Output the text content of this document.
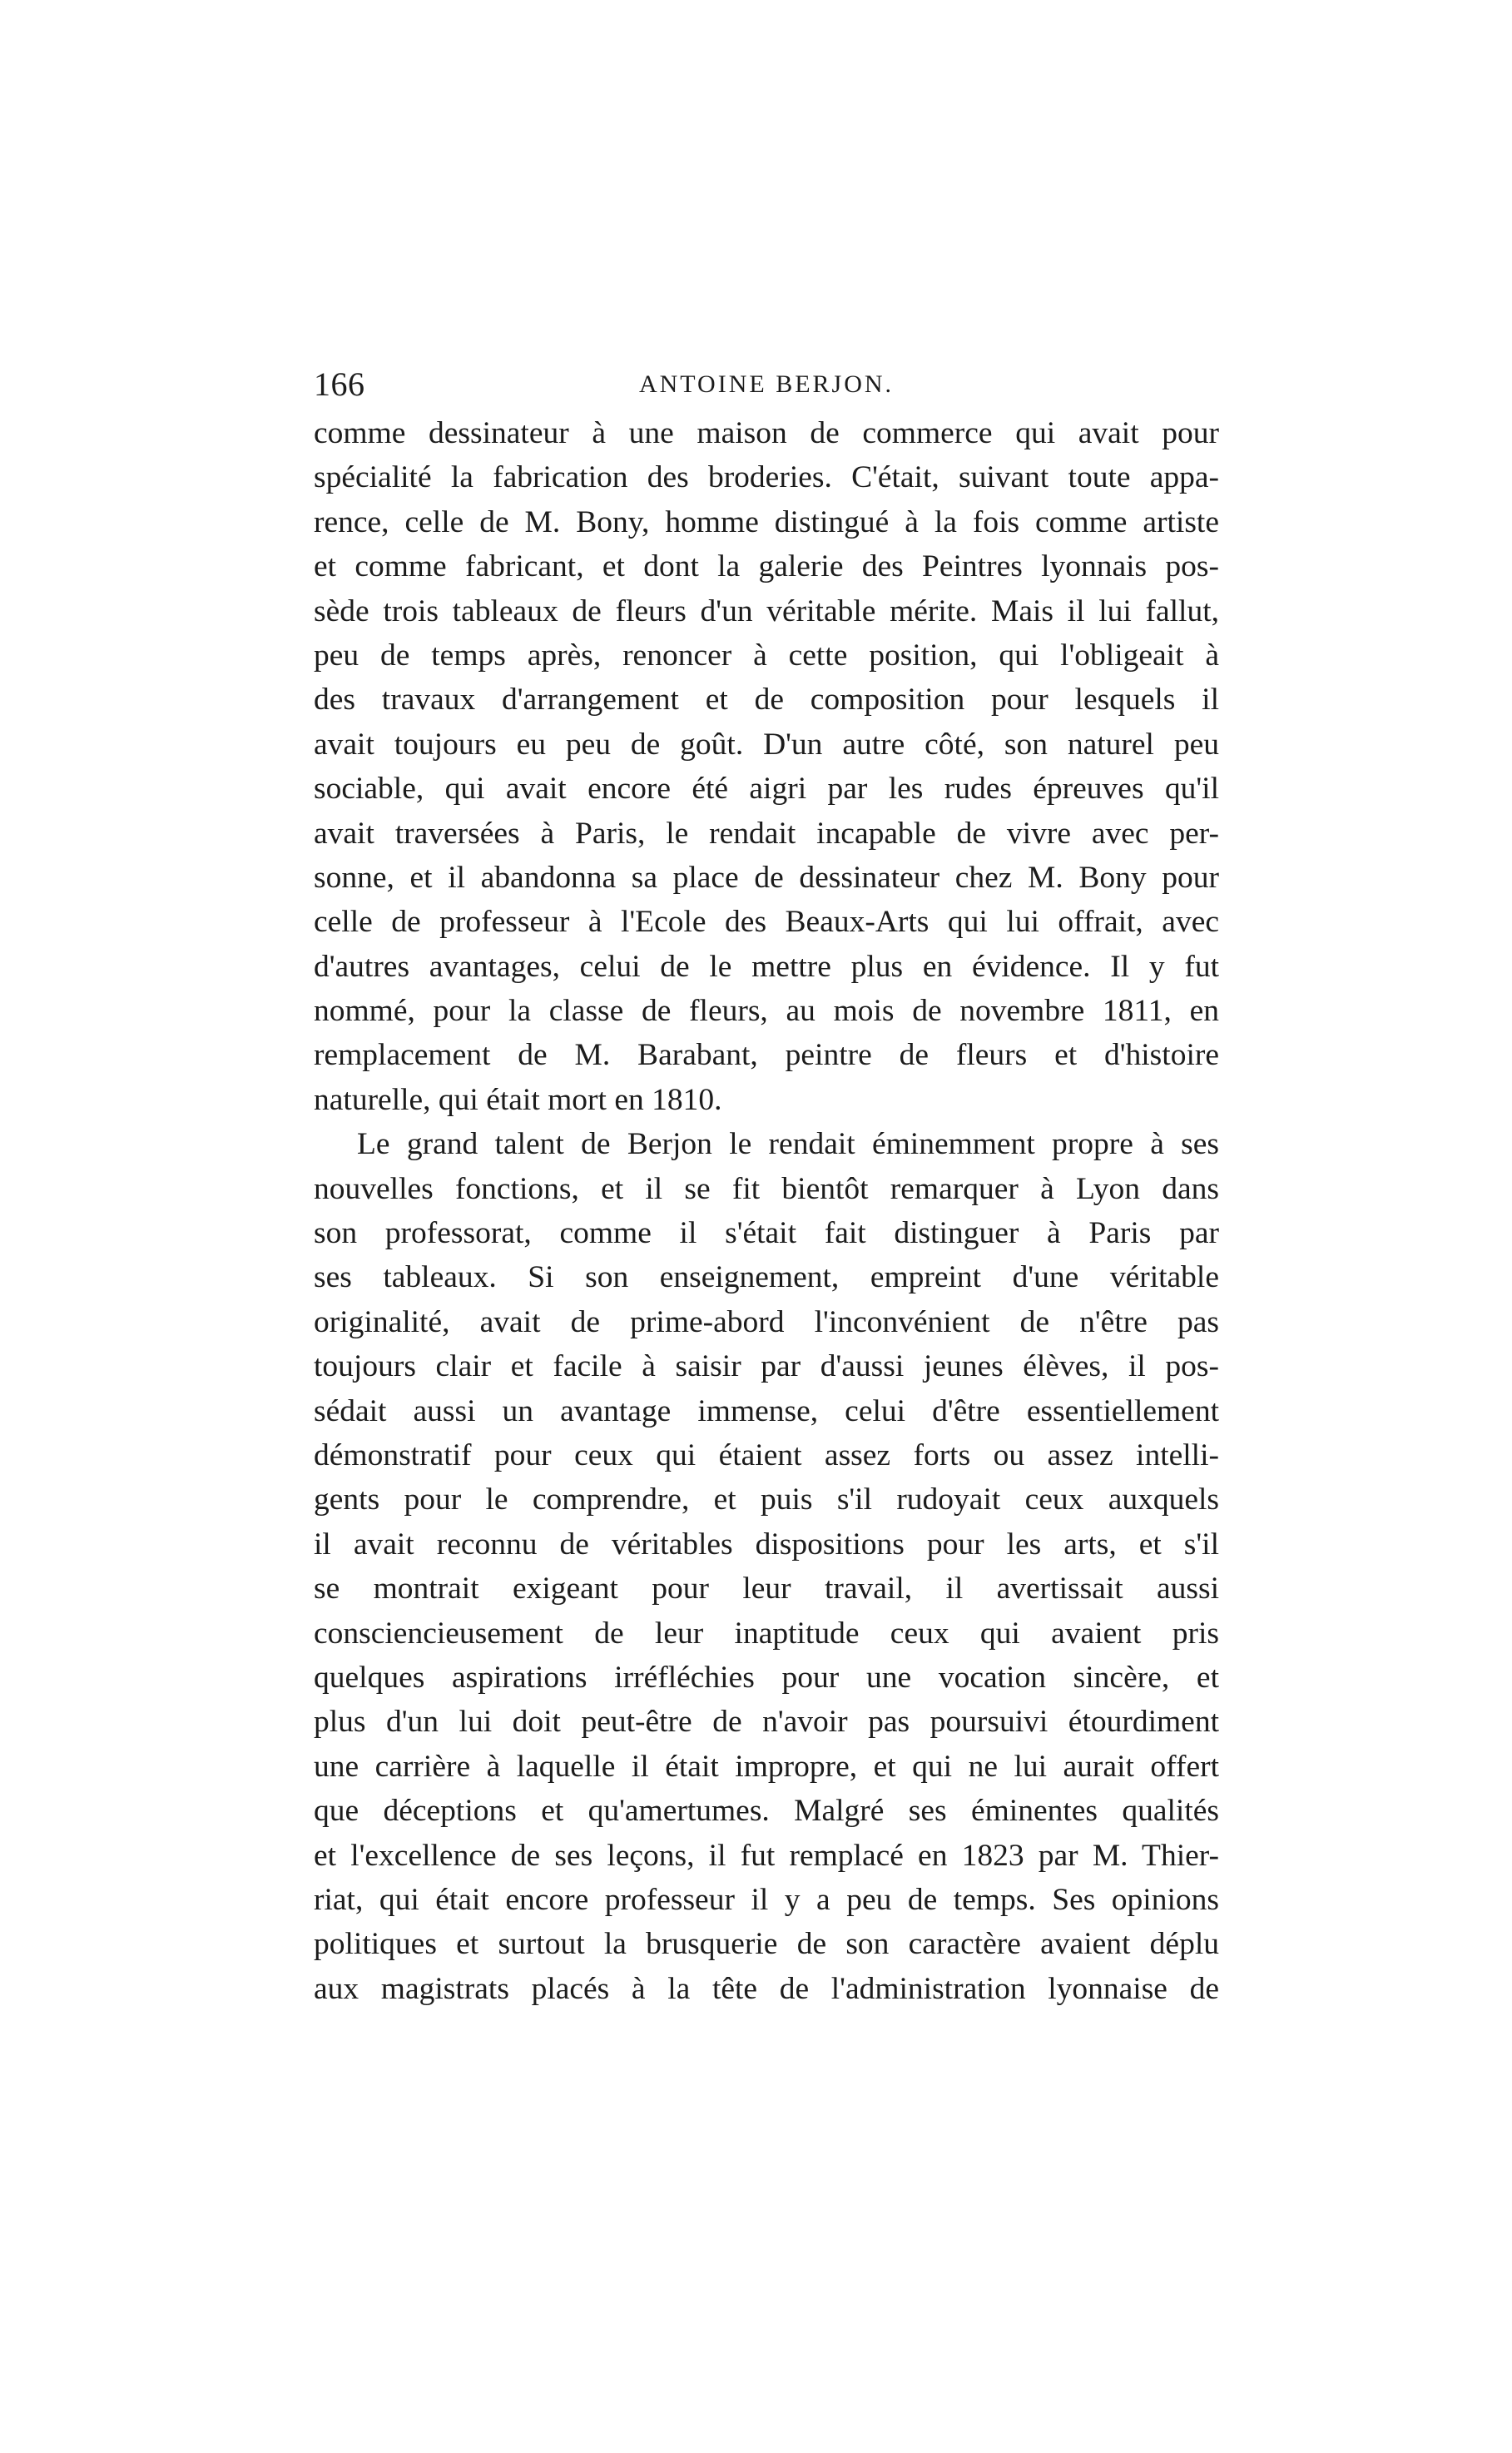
166	ANTOINE BERJON.
comme dessinateur à une maison de commerce qui avait pour
spécialité la fabrication des broderies. C'était, suivant toute appa-
rence, celle de M. Bony, homme distingué à la fois comme artiste
et comme fabricant, et dont la galerie des Peintres lyonnais pos-
sède trois tableaux de fleurs d'un véritable mérite. Mais il lui fallut,
peu de temps après, renoncer à cette position, qui l'obligeait à
des travaux d'arrangement et de composition pour lesquels il
avait toujours eu peu de goût. D'un autre côté, son naturel peu
sociable, qui avait encore été aigri par les rudes épreuves qu'il
avait traversées à Paris, le rendait incapable de vivre avec per-
sonne, et il abandonna sa place de dessinateur chez M. Bony pour
celle de professeur à l'Ecole des Beaux-Arts qui lui offrait, avec
d'autres avantages, celui de le mettre plus en évidence. Il y fut
nommé, pour la classe de fleurs, au mois de novembre 1811, en
remplacement de M. Barabant, peintre de fleurs et d'histoire
naturelle, qui était mort en 1810.
Le grand talent de Berjon le rendait éminemment propre à ses
nouvelles fonctions, et il se fit bientôt remarquer à Lyon dans
son professorat, comme il s'était fait distinguer à Paris par
ses tableaux. Si son enseignement, empreint d'une véritable
originalité, avait de prime-abord l'inconvénient de n'être pas
toujours clair et facile à saisir par d'aussi jeunes élèves, il pos-
sédait aussi un avantage immense, celui d'être essentiellement
démonstratif pour ceux qui étaient assez forts ou assez intelli-
gents pour le comprendre, et puis s'il rudoyait ceux auxquels
il avait reconnu de véritables dispositions pour les arts, et s'il
se montrait exigeant pour leur travail, il avertissait aussi
consciencieusement de leur inaptitude ceux qui avaient pris
quelques aspirations irréfléchies pour une vocation sincère, et
plus d'un lui doit peut-être de n'avoir pas poursuivi étourdiment
une carrière à laquelle il était impropre, et qui ne lui aurait offert
que déceptions et qu'amertumes. Malgré ses éminentes qualités
et l'excellence de ses leçons, il fut remplacé en 1823 par M. Thier-
riat, qui était encore professeur il y a peu de temps. Ses opinions
politiques et surtout la brusquerie de son caractère avaient déplu
aux magistrats placés à la tête de l'administration lyonnaise de
